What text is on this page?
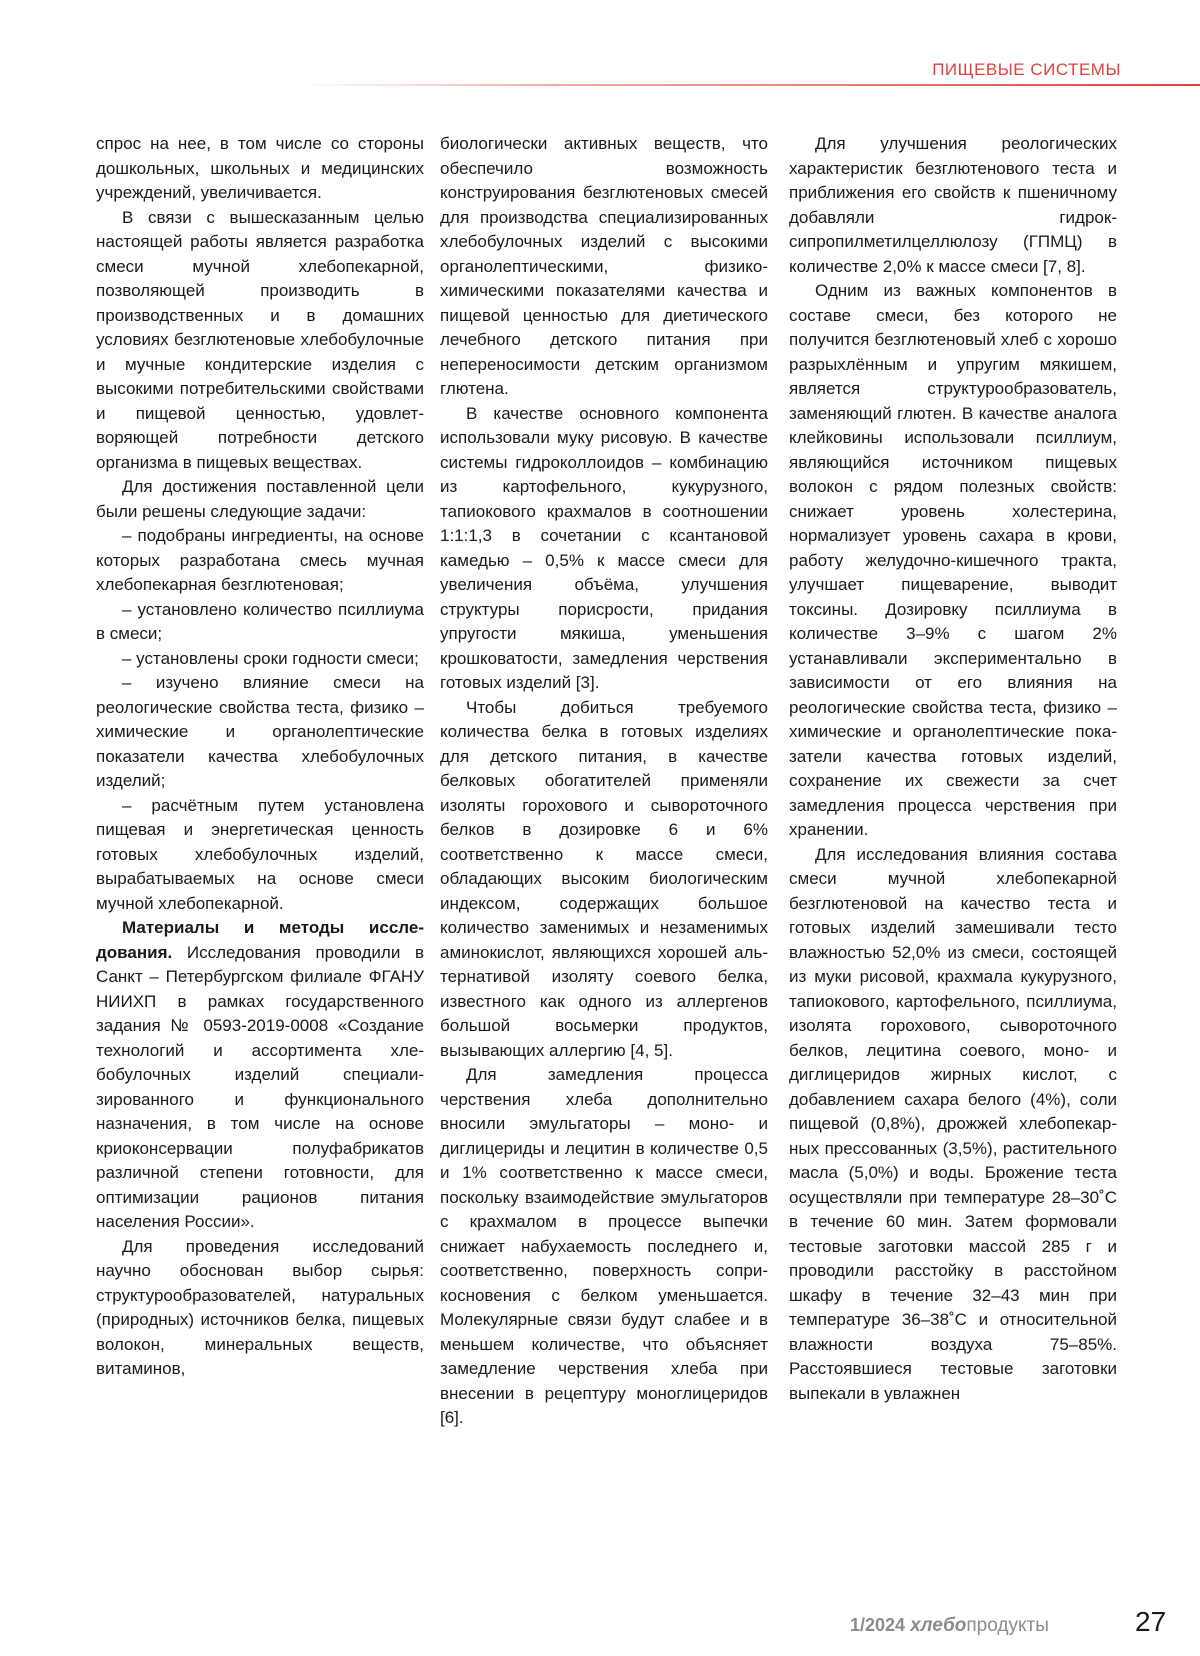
ПИЩЕВЫЕ СИСТЕМЫ

спрос на нее, в том числе со стороны дошкольных, школьных и медицинских учреждений, увеличивается.

В связи с вышесказанным целью настоящей работы является разработка смеси мучной хлебопекарной, позволяющей производить в производственных и в домашних условиях безглютеновые хлебобулочные и мучные кондитерские изделия с высокими потребительскими свойствами и пищевой ценностью, удовлетворяющей потребности детского организма в пищевых веществах.

Для достижения поставленной цели были решены следующие задачи:

– подобраны ингредиенты, на основе которых разработана смесь мучная хлебопекарная безглютеновая;

– установлено количество псиллиума в смеси;

– установлены сроки годности смеси;

– изучено влияние смеси на реологические свойства теста, физико – химические и органолептические показатели качества хлебобулочных изделий;

– расчётным путем установлена пищевая и энергетическая ценность готовых хлебобулочных изделий, вырабатываемых на основе смеси мучной хлебопекарной.

Материалы и методы исследования. Исследования проводили в Санкт – Петербургском филиале ФГАНУ НИИХП в рамках государственного задания № 0593-2019-0008 «Создание технологий и ассортимента хлебобулочных изделий специализированного и функционального назначения, в том числе на основе криоконсервации полуфабрикатов различной степени готовности, для оптимизации рационов питания населения России».

Для проведения исследований научно обоснован выбор сырья: структурообразователей, натуральных (природных) источников белка, пищевых волокон, минеральных веществ, витаминов,

биологически активных веществ, что обеспечило возможность конструирования безглютеновых смесей для производства специализированных хлебобулочных изделий с высокими органолептическими, физико-химическими показателями качества и пищевой ценностью для диетического лечебного детского питания при непереносимости детским организмом глютена.

В качестве основного компонента использовали муку рисовую. В качестве системы гидроколлоидов – комбинацию из картофельного, кукурузного, тапиокового крахмалов в соотношении 1:1:1,3 в сочетании с ксантановой камедью – 0,5% к массе смеси для увеличения объёма, улучшения структуры порисрости, придания упругости мякиша, уменьшения крошковатости, замедления черствения готовых изделий [3].

Чтобы добиться требуемого количества белка в готовых изделиях для детского питания, в качестве белковых обогатителей применяли изоляты горохового и сывороточного белков в дозировке 6 и 6% соответственно к массе смеси, обладающих высоким биологическим индексом, содержащих большое количество заменимых и незаменимых аминокислот, являющихся хорошей альтернативой изоляту соевого белка, известного как одного из аллергенов большой восьмерки продуктов, вызывающих аллергию [4, 5].

Для замедления процесса черствения хлеба дополнительно вносили эмульгаторы – моно- и диглицериды и лецитин в количестве 0,5 и 1% соответственно к массе смеси, поскольку взаимодействие эмульгаторов с крахмалом в процессе выпечки снижает набухаемость последнего и, соответственно, поверхность соприкосновения с белком уменьшается. Молекулярные связи будут слабее и в меньшем количестве, что объясняет замедление черствения хлеба при внесении в рецептуру моноглицеридов [6].

Для улучшения реологических характеристик безглютенового теста и приближения его свойств к пшеничному добавляли гидроксипропилметилцеллюлозу (ГПМЦ) в количестве 2,0% к массе смеси [7, 8].

Одним из важных компонентов в составе смеси, без которого не получится безглютеновый хлеб с хорошо разрыхлённым и упругим мякишем, является структурообразователь, заменяющий глютен. В качестве аналога клейковины использовали псиллиум, являющийся источником пищевых волокон с рядом полезных свойств: снижает уровень холестерина, нормализует уровень сахара в крови, работу желудочно-кишечного тракта, улучшает пищеварение, выводит токсины. Дозировку псиллиума в количестве 3–9% с шагом 2% устанавливали экспериментально в зависимости от его влияния на реологические свойства теста, физико – химические и органолептические показатели качества готовых изделий, сохранение их свежести за счет замедления процесса черствения при хранении.

Для исследования влияния состава смеси мучной хлебопекарной безглютеновой на качество теста и готовых изделий замешивали тесто влажностью 52,0% из смеси, состоящей из муки рисовой, крахмала кукурузного, тапиокового, картофельного, псиллиума, изолята горохового, сывороточного белков, лецитина соевого, моно- и диглицеридов жирных кислот, с добавлением сахара белого (4%), соли пищевой (0,8%), дрожжей хлебопекарных прессованных (3,5%), растительного масла (5,0%) и воды. Брожение теста осуществляли при температуре 28–30˚С в течение 60 мин. Затем формовали тестовые заготовки массой 285 г и проводили расстойку в расстойном шкафу в течение 32–43 мин при температуре 36–38˚С и относительной влажности воздуха 75–85%. Расстоявшиеся тестовые заготовки выпекали в увлажнен

1/2024 хлебопродукты	27
